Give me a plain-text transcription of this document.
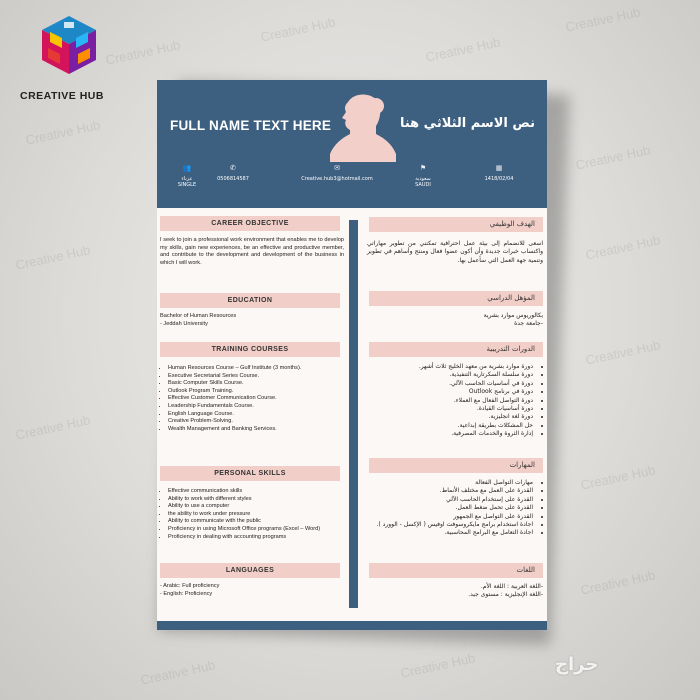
Creative Hub
Creative Hub
Creative Hub
Creative Hub
Creative Hub
Creative Hub
Creative Hub
Creative Hub
Creative Hub
Creative Hub
Creative Hub
Creative Hub
Creative Hub	Creative Hub
CREATIVE HUB
FULL NAME TEXT HERE	نص الاسم الثلاثي هنا
▦
1418/02/04
⚑
سعودية
SAUDI
✉
Creative.hub3@hotmail.com
✆
0506814587
👥
عزباء
SINGLE
CAREER OBJECTIVE
I seek to join a professional work environment that enables me to develop my skills, gain new experiences, be an effective and productive member, and contribute to the development and development of the business in which I will work.
EDUCATION
Bachelor of Human Resources
- Jeddah University
TRAINING COURSES
• Human Resources Course – Gulf Institute (3 months).
• Executive Secretarial Series Course.
• Basic Computer Skills Course.
• Outlook Program Training.
• Effective Customer Communication Course.
• Leadership Fundamentals Course.
• English Language Course.
• Creative Problem-Solving.
• Wealth Management and Banking Services.
PERSONAL SKILLS
• Effective communication skills
• Ability to work with different styles
• Ability to use a computer
• the ability to work under pressure
• Ability to communicate with the public
• Proficiency in using Microsoft Office programs (Excel – Word)
• Proficiency in dealing with accounting programs
LANGUAGES
- Arabic: Full proficiency
- English: Proficiency
الهدف الوظيفي
اسعى للانضمام إلى بيئة عمل احترافية تمكنني من تطوير مهاراتي واكتساب خبرات جديدة وأن أكون عضوا فعال ومنتج وأساهم في تطوير وتنمية جهة العمل التي سأعمل بها.
المؤهل الدراسي
بكالوريوس موارد بشرية
-جامعة جدة
الدورات التدريبية
• دورة موارد بشرية من معهد الخليج ثلاث أشهر.
• دورة سلسلة السكرتارية التنفيذية.
• دورة في أساسيات الحاسب الآلي.
• دورة في برنامج Outlook
• دورة التواصل الفعال مع العملاء.
• دورة أساسيات القيادة.
• دورة لغة انجليزية.
• حل المشكلات بطريقة إبداعية.
• إدارة الثروة والخدمات المصرفية.
المهارات
• مهارات التواصل الفعالة
• القدرة على العمل مع مختلف الأنماط.
• القدرة على إستخدام الحاسب الآلي
• القدرة على تحمل ضغط العمل.
• القدرة على التواصل مع الجمهور
• اجادة استخدام برامج مايكروسوفت اوفيس ( الإكسل - الوورد ).
• اجادة التعامل مع البرامج المحاسبية.
اللغات
-اللغة العربية : اللغة الأم.
-اللغة الإنجليزية : مستوى جيد.
حراج
